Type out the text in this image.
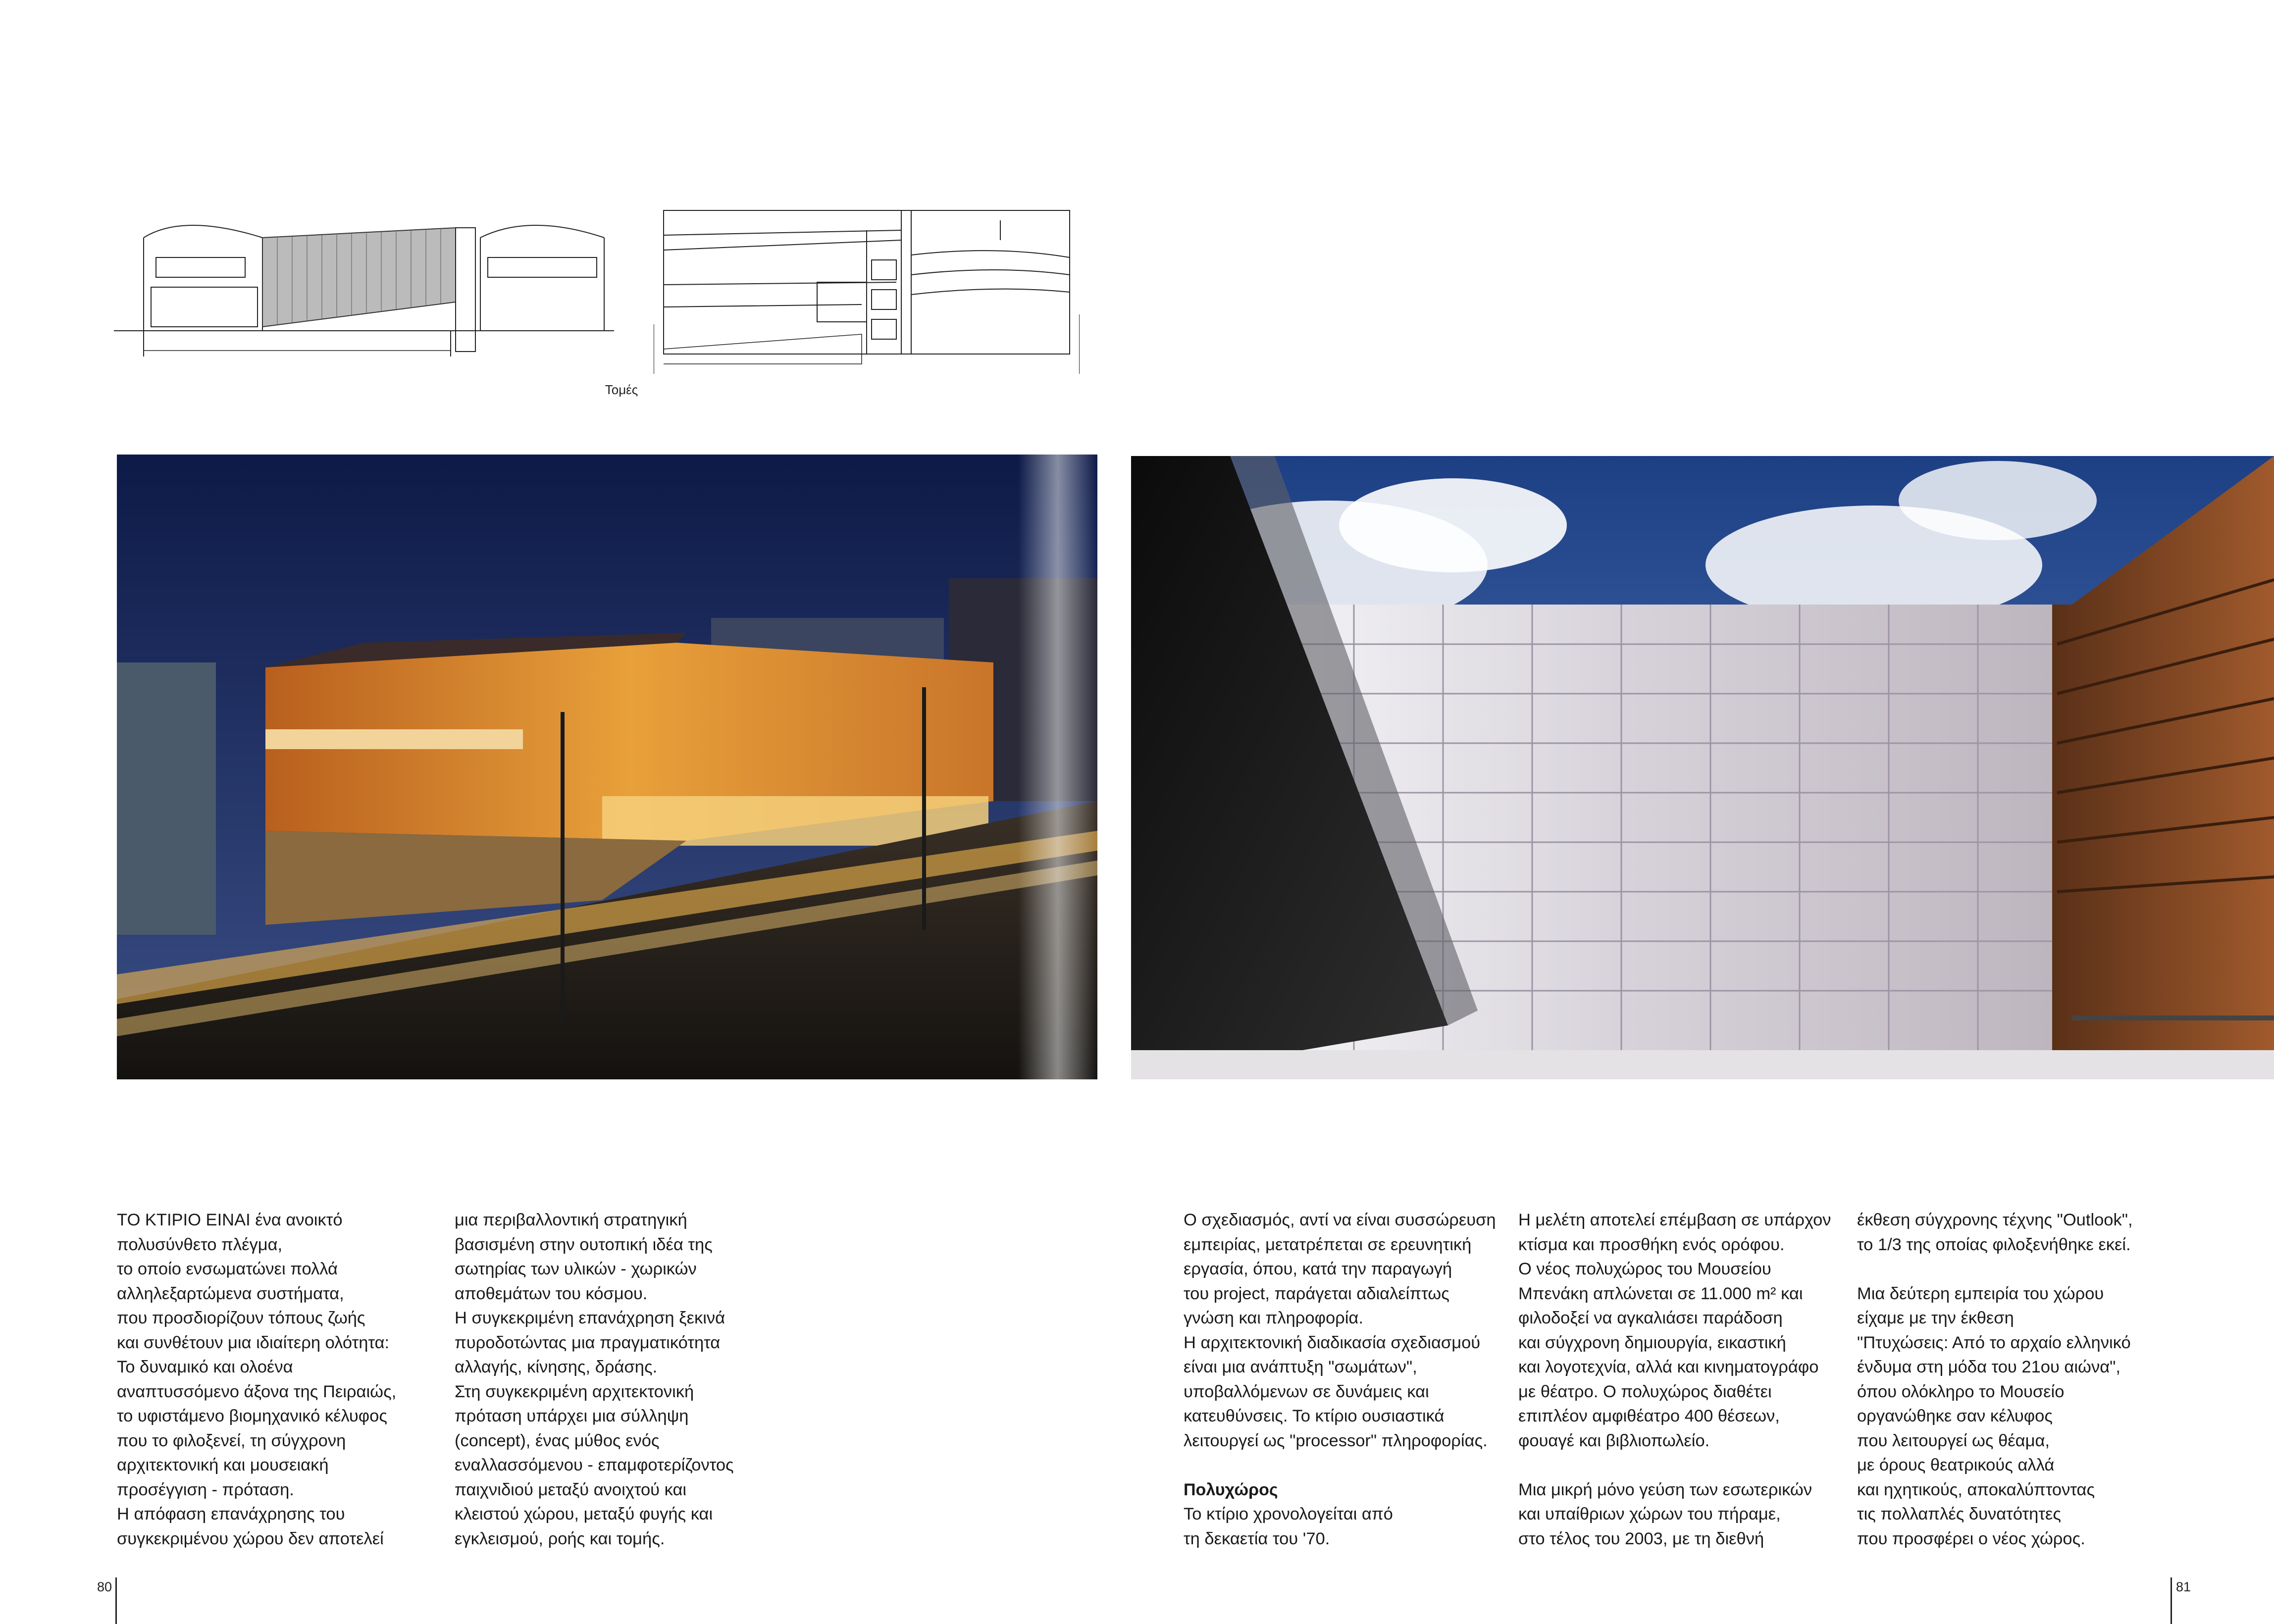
Τομές

ΤΟ ΚΤΙΡΙΟ ΕΙΝΑΙ ένα ανοικτό

πολυσύνθετο πλέγμα,

το οποίο ενσωματώνει πολλά

αλληλεξαρτώμενα συστήματα,

που προσδιορίζουν τόπους ζωής

και συνθέτουν μια ιδιαίτερη ολότητα:

Το δυναμικό και ολοένα

αναπτυσσόμενο άξονα της Πειραιώς,

το υφιστάμενο βιομηχανικό κέλυφος

που το φιλοξενεί, τη σύγχρονη

αρχιτεκτονική και μουσειακή

προσέγγιση - πρόταση.

Η απόφαση επανάχρησης του

συγκεκριμένου χώρου δεν αποτελεί

μια περιβαλλοντική στρατηγική

βασισμένη στην ουτοπική ιδέα της

σωτηρίας των υλικών - χωρικών

αποθεμάτων του κόσμου.

Η συγκεκριμένη επανάχρηση ξεκινά

πυροδοτώντας μια πραγματικότητα

αλλαγής, κίνησης, δράσης.

Στη συγκεκριμένη αρχιτεκτονική

πρόταση υπάρχει μια σύλληψη

(concept), ένας μύθος ενός

εναλλασσόμενου - επαμφοτερίζοντος

παιχνιδιού μεταξύ ανοιχτού και

κλειστού χώρου, μεταξύ φυγής και

εγκλεισμού, ροής και τομής.

Ο σχεδιασμός, αντί να είναι συσσώρευση

εμπειρίας, μετατρέπεται σε ερευνητική

εργασία, όπου, κατά την παραγωγή

του project, παράγεται αδιαλείπτως

γνώση και πληροφορία.

Η αρχιτεκτονική διαδικασία σχεδιασμού

είναι μια ανάπτυξη "σωμάτων",

υποβαλλόμενων σε δυνάμεις και

κατευθύνσεις. Το κτίριο ουσιαστικά

λειτουργεί ως "processor" πληροφορίας.

Πολυχώρος

Το κτίριο χρονολογείται από

τη δεκαετία του '70.

Η μελέτη αποτελεί επέμβαση σε υπάρχον

κτίσμα και προσθήκη ενός ορόφου.

Ο νέος πολυχώρος του Μουσείου

Μπενάκη απλώνεται σε 11.000 m² και

φιλοδοξεί να αγκαλιάσει παράδοση

και σύγχρονη δημιουργία, εικαστική

και λογοτεχνία, αλλά και κινηματογράφο

με θέατρο. Ο πολυχώρος διαθέτει

επιπλέον αμφιθέατρο 400 θέσεων,

φουαγέ και βιβλιοπωλείο.

Μια μικρή μόνο γεύση των εσωτερικών

και υπαίθριων χώρων του πήραμε,

στο τέλος του 2003, με τη διεθνή

έκθεση σύγχρονης τέχνης "Outlook",

το 1/3 της οποίας φιλοξενήθηκε εκεί.

Μια δεύτερη εμπειρία του χώρου

είχαμε με την έκθεση

"Πτυχώσεις: Από το αρχαίο ελληνικό

ένδυμα στη μόδα του 21ου αιώνα",

όπου ολόκληρο το Μουσείο

οργανώθηκε σαν κέλυφος

που λειτουργεί ως θέαμα,

με όρους θεατρικούς αλλά

και ηχητικούς, αποκαλύπτοντας

τις πολλαπλές δυνατότητες

που προσφέρει ο νέος χώρος.

80	81
